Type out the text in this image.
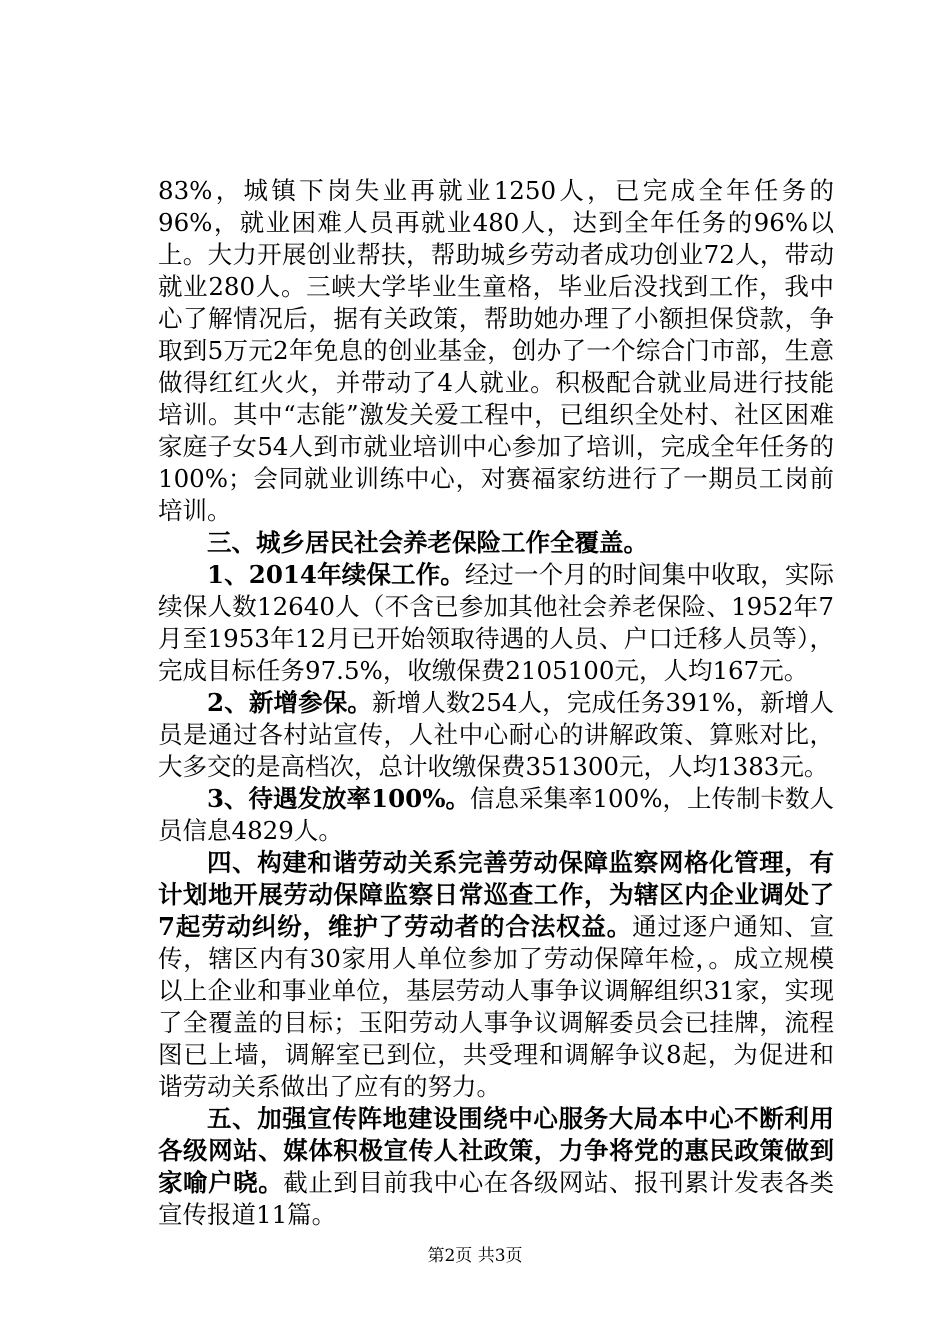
83%，城镇下岗失业再就业1250人，已完成全年任务的96%，就业困难人员再就业480人，达到全年任务的96%以上。大力开展创业帮扶，帮助城乡劳动者成功创业72人，带动就业280人。三峡大学毕业生童格，毕业后没找到工作，我中心了解情况后，据有关政策，帮助她办理了小额担保贷款，争取到5万元2年免息的创业基金，创办了一个综合门市部，生意做得红红火火，并带动了4人就业。积极配合就业局进行技能培训。其中“志能”激发关爱工程中，已组织全处村、社区困难家庭子女54人到市就业培训中心参加了培训，完成全年任务的100%；会同就业训练中心，对赛福家纺进行了一期员工岗前培训。

三、城乡居民社会养老保险工作全覆盖。

1、2014年续保工作。经过一个月的时间集中收取，实际续保人数12640人（不含已参加其他社会养老保险、1952年7月至1953年12月已开始领取待遇的人员、户口迁移人员等），完成目标任务97.5%，收缴保费2105100元，人均167元。

2、新增参保。新增人数254人，完成任务391%，新增人员是通过各村站宣传，人社中心耐心的讲解政策、算账对比，大多交的是高档次，总计收缴保费351300元，人均1383元。

3、待遇发放率100%。信息采集率100%，上传制卡数人员信息4829人。

四、构建和谐劳动关系完善劳动保障监察网格化管理，有计划地开展劳动保障监察日常巡查工作，为辖区内企业调处了7起劳动纠纷，维护了劳动者的合法权益。通过逐户通知、宣传，辖区内有30家用人单位参加了劳动保障年检，。成立规模以上企业和事业单位，基层劳动人事争议调解组织31家，实现了全覆盖的目标；玉阳劳动人事争议调解委员会已挂牌，流程图已上墙，调解室已到位，共受理和调解争议8起，为促进和谐劳动关系做出了应有的努力。

五、加强宣传阵地建设围绕中心服务大局本中心不断利用各级网站、媒体积极宣传人社政策，力争将党的惠民政策做到家喻户晓。截止到目前我中心在各级网站、报刊累计发表各类宣传报道11篇。

第2页 共3页
